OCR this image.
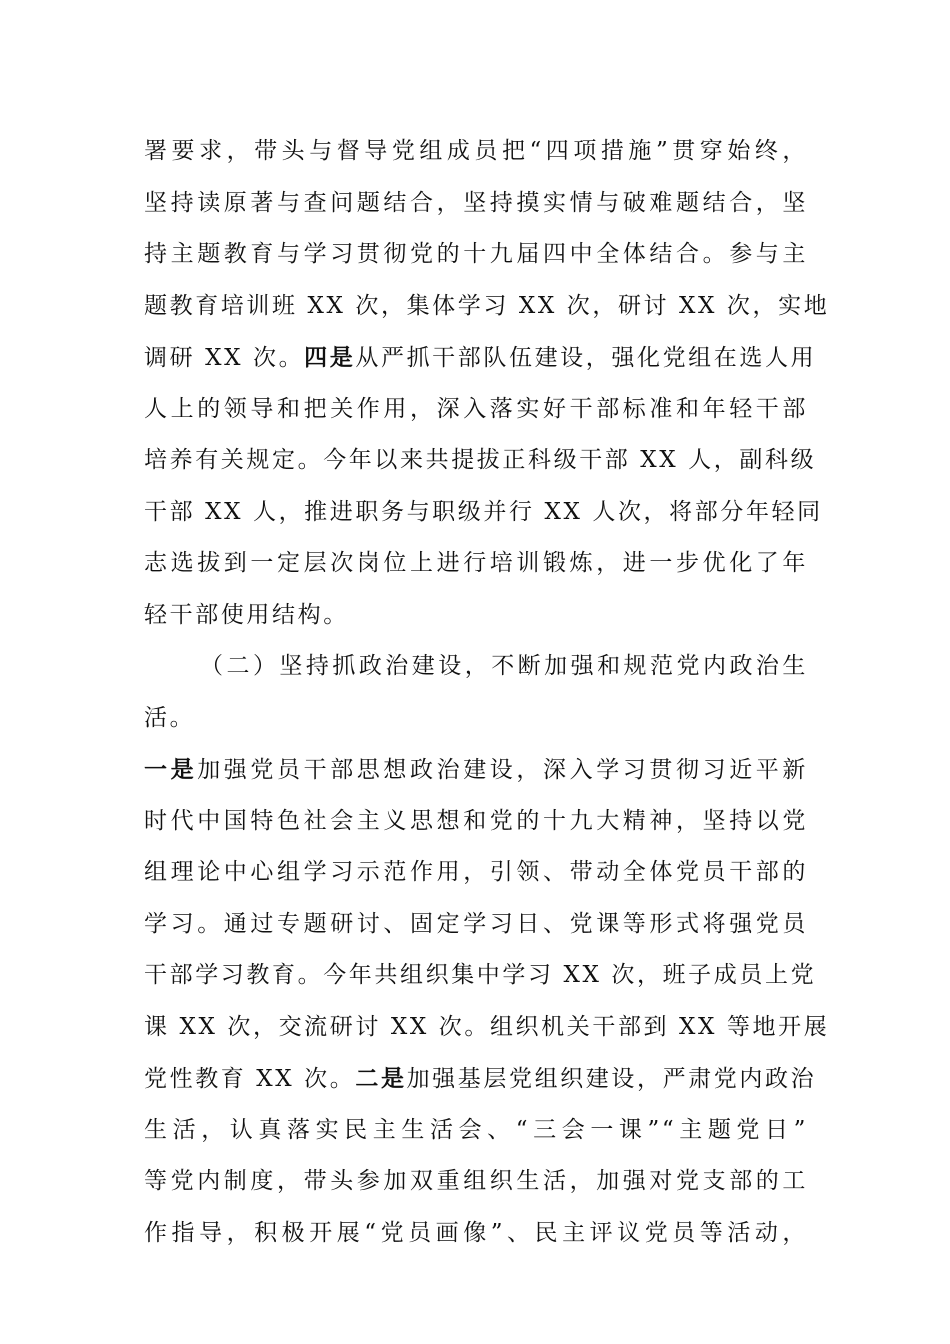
署要求，带头与督导党组成员把“四项措施”贯穿始终，
坚持读原著与查问题结合，坚持摸实情与破难题结合，坚
持主题教育与学习贯彻党的十九届四中全体结合。参与主
题教育培训班 XX 次，集体学习 XX 次，研讨 XX 次，实地
调研 XX 次。四是从严抓干部队伍建设，强化党组在选人用
人上的领导和把关作用，深入落实好干部标准和年轻干部
培养有关规定。今年以来共提拔正科级干部 XX 人，副科级
干部 XX 人，推进职务与职级并行 XX 人次，将部分年轻同
志选拔到一定层次岗位上进行培训锻炼，进一步优化了年
轻干部使用结构。
（二）坚持抓政治建设，不断加强和规范党内政治生
活。
一是加强党员干部思想政治建设，深入学习贯彻习近平新
时代中国特色社会主义思想和党的十九大精神，坚持以党
组理论中心组学习示范作用，引领、带动全体党员干部的
学习。通过专题研讨、固定学习日、党课等形式将强党员
干部学习教育。今年共组织集中学习 XX 次，班子成员上党
课 XX 次，交流研讨 XX 次。组织机关干部到 XX 等地开展
党性教育 XX 次。二是加强基层党组织建设，严肃党内政治
生活，认真落实民主生活会、“三会一课”“主题党日”
等党内制度，带头参加双重组织生活，加强对党支部的工
作指导，积极开展“党员画像”、民主评议党员等活动，
